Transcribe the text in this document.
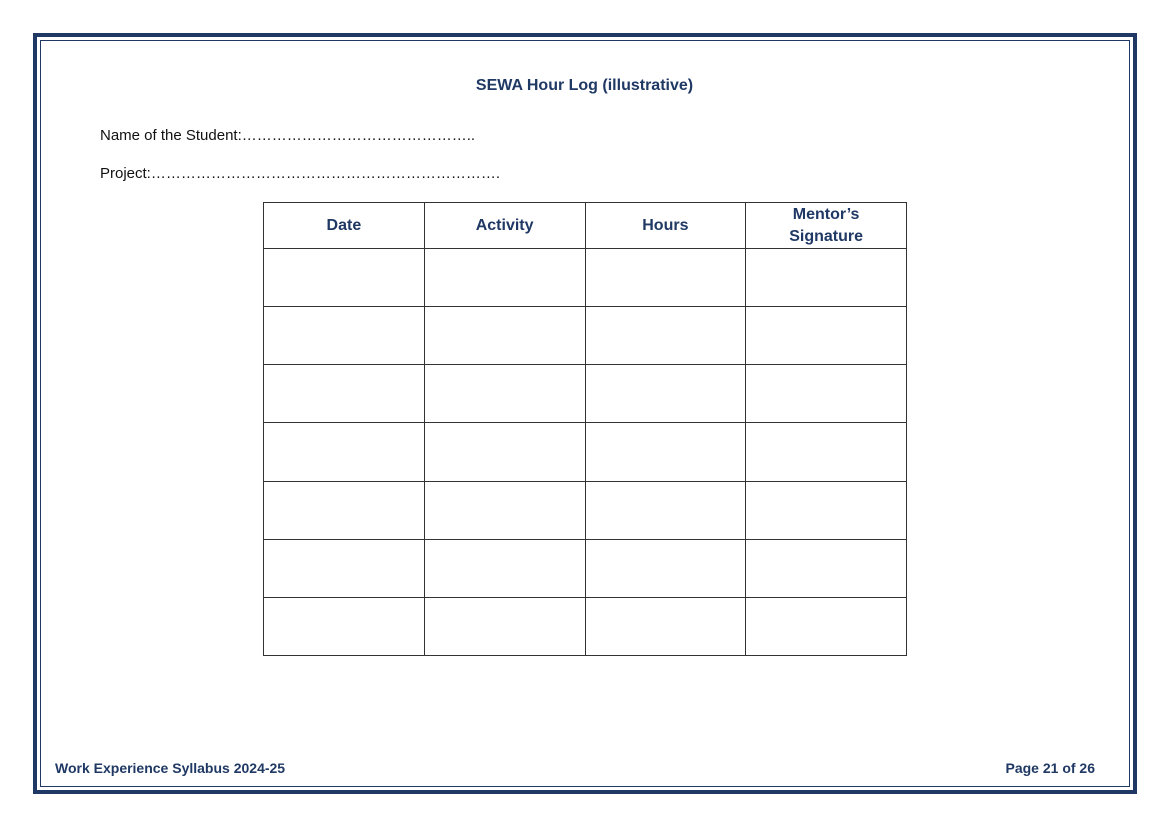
SEWA Hour Log (illustrative)
Name of the Student:………………………………………..
Project:…………………………………………………………….
Date	Activity	Hours	Mentor’s
Signature

Work Experience Syllabus 2024-25	Page 21 of 26
